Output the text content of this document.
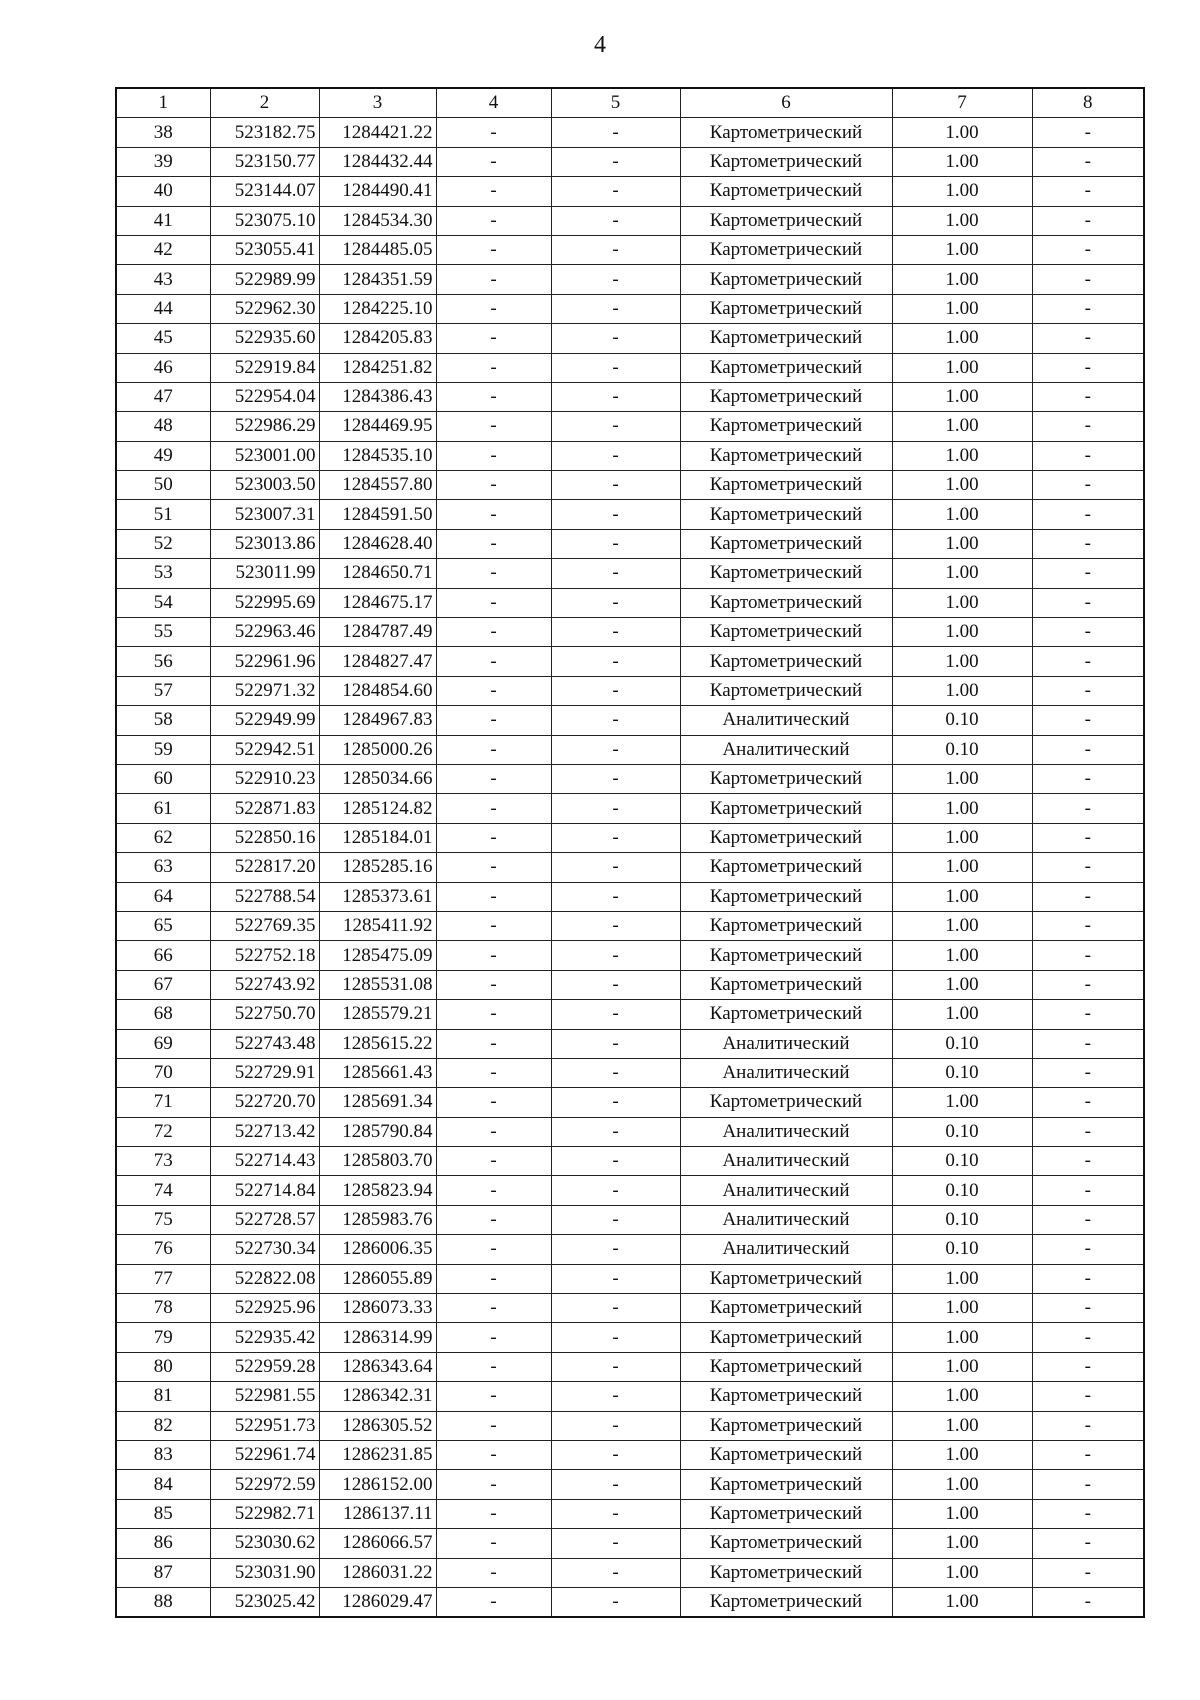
4
1	2	3	4	5	6	7	8
38	523182.75	1284421.22	-	-	Картометрический	1.00	-
39	523150.77	1284432.44	-	-	Картометрический	1.00	-
40	523144.07	1284490.41	-	-	Картометрический	1.00	-
41	523075.10	1284534.30	-	-	Картометрический	1.00	-
42	523055.41	1284485.05	-	-	Картометрический	1.00	-
43	522989.99	1284351.59	-	-	Картометрический	1.00	-
44	522962.30	1284225.10	-	-	Картометрический	1.00	-
45	522935.60	1284205.83	-	-	Картометрический	1.00	-
46	522919.84	1284251.82	-	-	Картометрический	1.00	-
47	522954.04	1284386.43	-	-	Картометрический	1.00	-
48	522986.29	1284469.95	-	-	Картометрический	1.00	-
49	523001.00	1284535.10	-	-	Картометрический	1.00	-
50	523003.50	1284557.80	-	-	Картометрический	1.00	-
51	523007.31	1284591.50	-	-	Картометрический	1.00	-
52	523013.86	1284628.40	-	-	Картометрический	1.00	-
53	523011.99	1284650.71	-	-	Картометрический	1.00	-
54	522995.69	1284675.17	-	-	Картометрический	1.00	-
55	522963.46	1284787.49	-	-	Картометрический	1.00	-
56	522961.96	1284827.47	-	-	Картометрический	1.00	-
57	522971.32	1284854.60	-	-	Картометрический	1.00	-
58	522949.99	1284967.83	-	-	Аналитический	0.10	-
59	522942.51	1285000.26	-	-	Аналитический	0.10	-
60	522910.23	1285034.66	-	-	Картометрический	1.00	-
61	522871.83	1285124.82	-	-	Картометрический	1.00	-
62	522850.16	1285184.01	-	-	Картометрический	1.00	-
63	522817.20	1285285.16	-	-	Картометрический	1.00	-
64	522788.54	1285373.61	-	-	Картометрический	1.00	-
65	522769.35	1285411.92	-	-	Картометрический	1.00	-
66	522752.18	1285475.09	-	-	Картометрический	1.00	-
67	522743.92	1285531.08	-	-	Картометрический	1.00	-
68	522750.70	1285579.21	-	-	Картометрический	1.00	-
69	522743.48	1285615.22	-	-	Аналитический	0.10	-
70	522729.91	1285661.43	-	-	Аналитический	0.10	-
71	522720.70	1285691.34	-	-	Картометрический	1.00	-
72	522713.42	1285790.84	-	-	Аналитический	0.10	-
73	522714.43	1285803.70	-	-	Аналитический	0.10	-
74	522714.84	1285823.94	-	-	Аналитический	0.10	-
75	522728.57	1285983.76	-	-	Аналитический	0.10	-
76	522730.34	1286006.35	-	-	Аналитический	0.10	-
77	522822.08	1286055.89	-	-	Картометрический	1.00	-
78	522925.96	1286073.33	-	-	Картометрический	1.00	-
79	522935.42	1286314.99	-	-	Картометрический	1.00	-
80	522959.28	1286343.64	-	-	Картометрический	1.00	-
81	522981.55	1286342.31	-	-	Картометрический	1.00	-
82	522951.73	1286305.52	-	-	Картометрический	1.00	-
83	522961.74	1286231.85	-	-	Картометрический	1.00	-
84	522972.59	1286152.00	-	-	Картометрический	1.00	-
85	522982.71	1286137.11	-	-	Картометрический	1.00	-
86	523030.62	1286066.57	-	-	Картометрический	1.00	-
87	523031.90	1286031.22	-	-	Картометрический	1.00	-
88	523025.42	1286029.47	-	-	Картометрический	1.00	-
